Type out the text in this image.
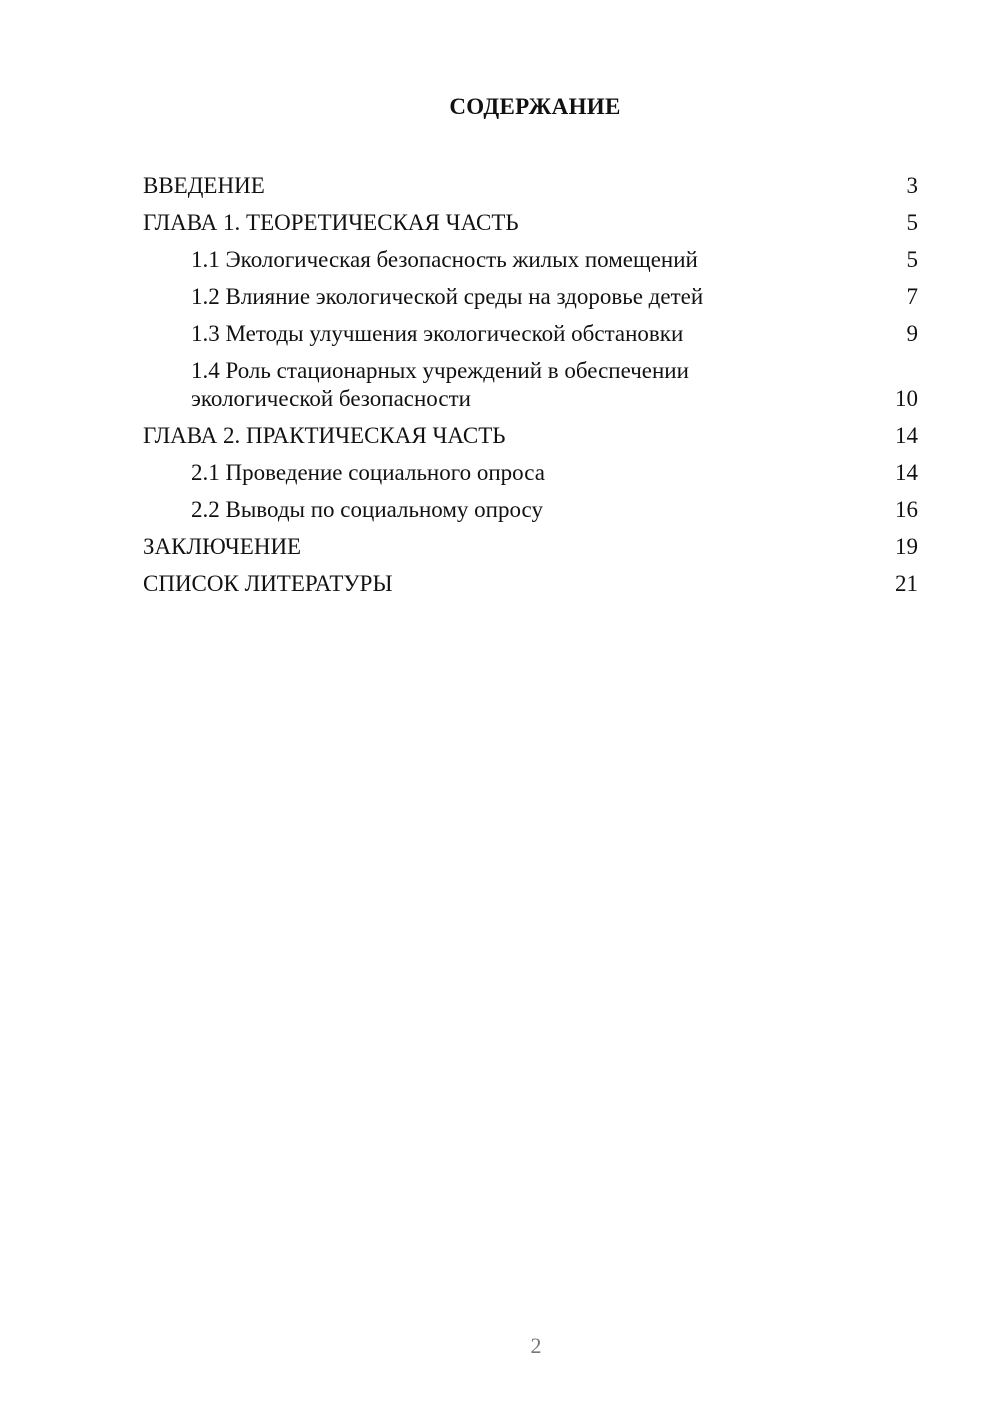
СОДЕРЖАНИЕ
ВВЕДЕНИЕ	3
ГЛАВА 1. ТЕОРЕТИЧЕСКАЯ ЧАСТЬ	5
1.1 Экологическая безопасность жилых помещений	5
1.2 Влияние экологической среды на здоровье детей	7
1.3 Методы улучшения экологической обстановки	9
1.4 Роль стационарных учреждений в обеспечении
экологической безопасности	10
ГЛАВА 2. ПРАКТИЧЕСКАЯ ЧАСТЬ	14
2.1 Проведение социального опроса	14
2.2 Выводы по социальному опросу	16
ЗАКЛЮЧЕНИЕ	19
СПИСОК ЛИТЕРАТУРЫ	21
2
